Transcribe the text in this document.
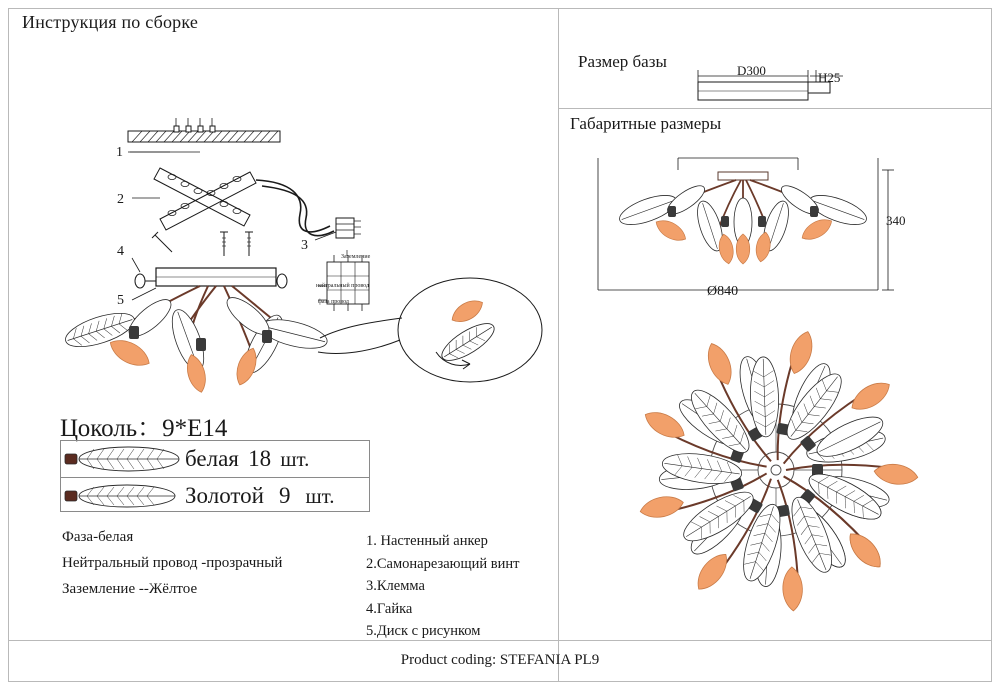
Инструкция по сборке
1
2
3
4
5
Заземление
нейтральный провод
фаза провод
Цоколь：9*E14
белая 18 шт.
Золотой 9 шт.
Фаза-белая
Нейтральный провод -прозрачный
Заземление --Жёлтое
1. Настенный анкер
2.Самонарезающий винт
3.Клемма
4.Гайка
5.Диск с рисунком
Размер базы	D300	H25
Габаритные размеры
340
Ø840
Product coding: STEFANIA PL9
